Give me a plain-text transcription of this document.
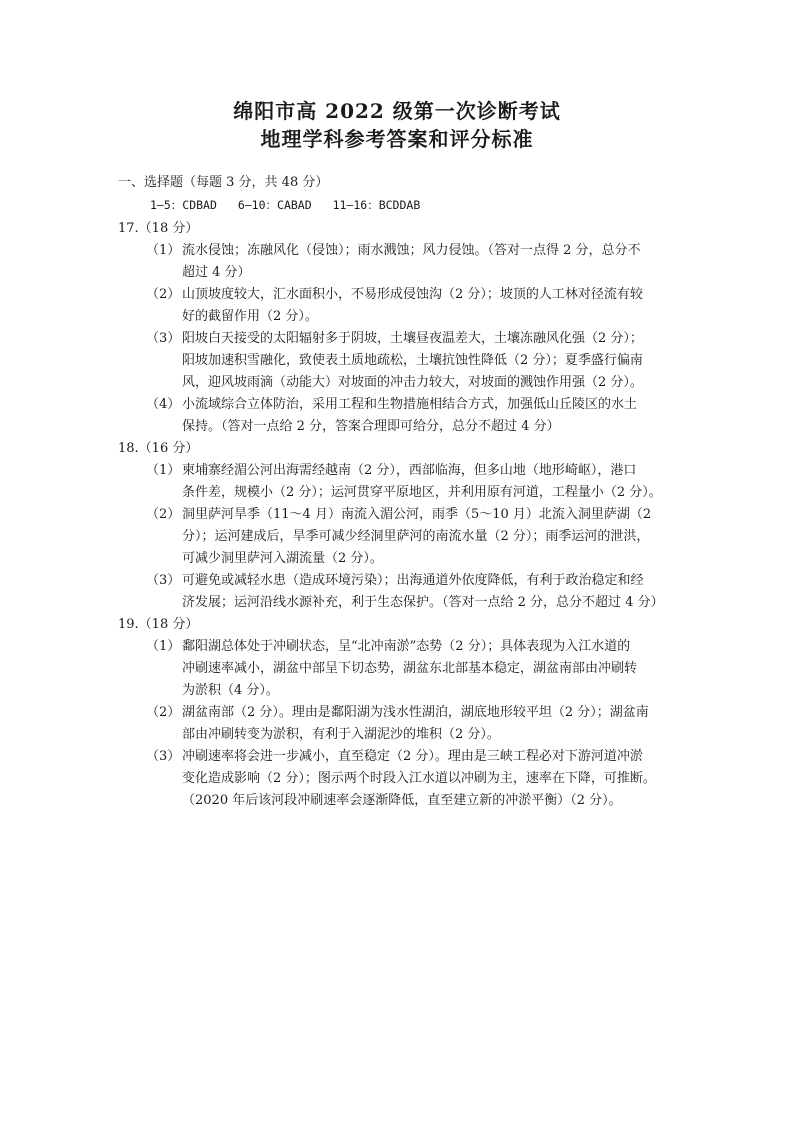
绵阳市高 2022 级第一次诊断考试
地理学科参考答案和评分标准
一、选择题（每题 3 分，共 48 分）
1—5：CDBAD 6—10：CABAD 11—16：BCDDAB
17.（18 分）
（1） 流水侵蚀；冻融风化（侵蚀）；雨水溅蚀；风力侵蚀。（答对一点得 2 分，总分不
超过 4 分）
（2） 山顶坡度较大，汇水面积小，不易形成侵蚀沟（2 分）；坡顶的人工林对径流有较
好的截留作用（2 分）。
（3） 阳坡白天接受的太阳辐射多于阴坡，土壤昼夜温差大，土壤冻融风化强（2 分）；
阳坡加速积雪融化，致使表土质地疏松，土壤抗蚀性降低（2 分）；夏季盛行偏南
风，迎风坡雨滴（动能大）对坡面的冲击力较大，对坡面的溅蚀作用强（2 分）。
（4） 小流域综合立体防治，采用工程和生物措施相结合方式，加强低山丘陵区的水土
保持。（答对一点给 2 分，答案合理即可给分，总分不超过 4 分）
18.（16 分）
（1） 柬埔寨经湄公河出海需经越南（2 分），西部临海，但多山地（地形崎岖），港口
条件差，规模小（2 分）；运河贯穿平原地区，并利用原有河道，工程量小（2 分）。
（2） 洞里萨河旱季（11～4 月）南流入湄公河，雨季（5～10 月）北流入洞里萨湖（2
分）；运河建成后，旱季可减少经洞里萨河的南流水量（2 分）；雨季运河的泄洪，
可减少洞里萨河入湖流量（2 分）。
（3） 可避免或减轻水患（造成环境污染）；出海通道外依度降低，有利于政治稳定和经
济发展；运河沿线水源补充，利于生态保护。（答对一点给 2 分，总分不超过 4 分）
19.（18 分）
（1） 鄱阳湖总体处于冲刷状态，呈“北冲南淤”态势（2 分）；具体表现为入江水道的
冲刷速率减小，湖盆中部呈下切态势，湖盆东北部基本稳定，湖盆南部由冲刷转
为淤积（4 分）。
（2） 湖盆南部（2 分）。理由是鄱阳湖为浅水性湖泊，湖底地形较平坦（2 分）；湖盆南
部由冲刷转变为淤积，有利于入湖泥沙的堆积（2 分）。
（3） 冲刷速率将会进一步减小，直至稳定（2 分）。理由是三峡工程必对下游河道冲淤
变化造成影响（2 分）；图示两个时段入江水道以冲刷为主，速率在下降，可推断。
（2020 年后该河段冲刷速率会逐渐降低，直至建立新的冲淤平衡）（2 分）。
